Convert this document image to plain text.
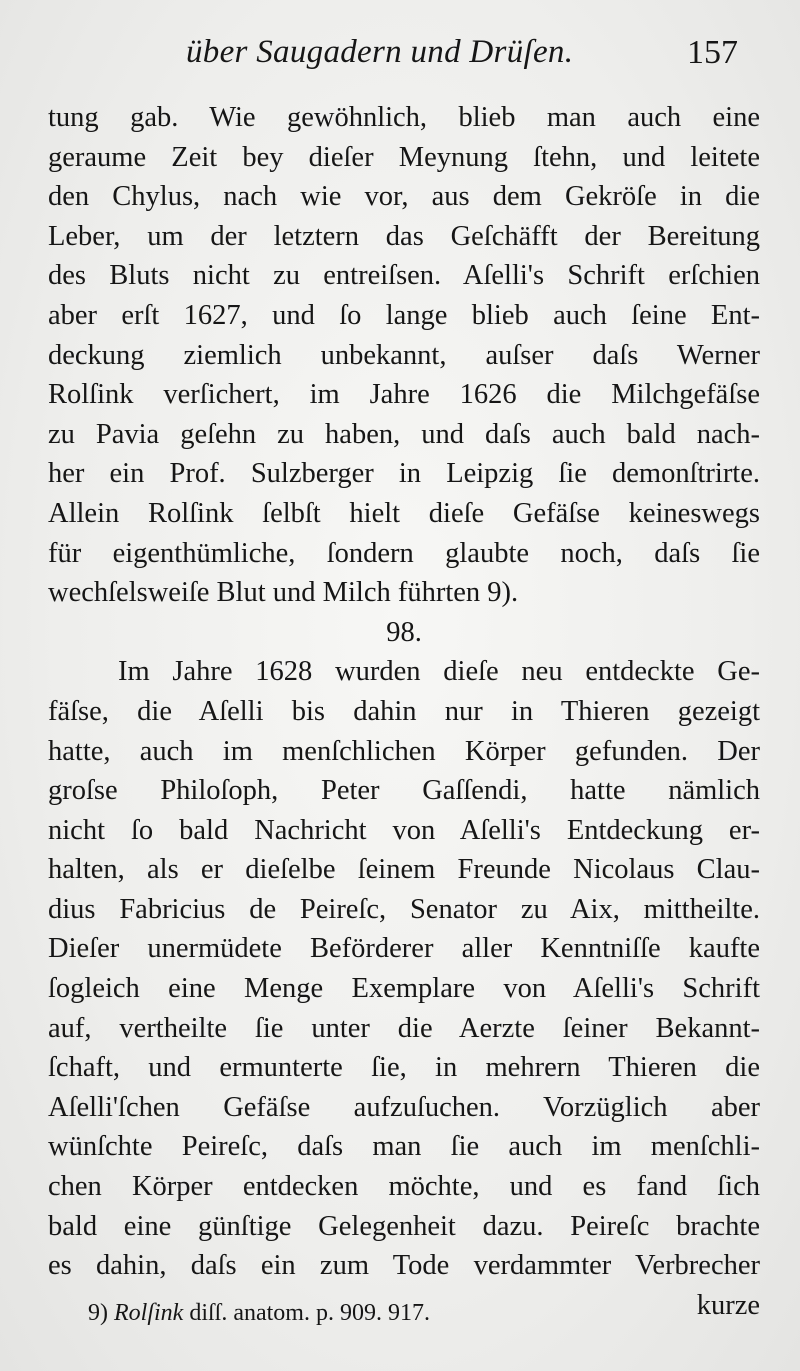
über Saugadern und Drüſen.	157
tung gab. Wie gewöhnlich, blieb man auch eine
geraume Zeit bey dieſer Meynung ſtehn, und leitete
den Chylus, nach wie vor, aus dem Gekröſe in die
Leber, um der letztern das Geſchäfft der Bereitung
des Bluts nicht zu entreiſsen. Aſelli's Schrift erſchien
aber erſt 1627, und ſo lange blieb auch ſeine Ent-
deckung ziemlich unbekannt, auſser daſs Werner
Rolſink verſichert, im Jahre 1626 die Milchgefäſse
zu Pavia geſehn zu haben, und daſs auch bald nach-
her ein Prof. Sulzberger in Leipzig ſie demonſtrirte.
Allein Rolſink ſelbſt hielt dieſe Gefäſse keineswegs
für eigenthümliche, ſondern glaubte noch, daſs ſie
wechſelsweiſe Blut und Milch führten 9).
98.
Im Jahre 1628 wurden dieſe neu entdeckte Ge-
fäſse, die Aſelli bis dahin nur in Thieren gezeigt
hatte, auch im menſchlichen Körper gefunden. Der
groſse Philoſoph, Peter Gaſſendi, hatte nämlich
nicht ſo bald Nachricht von Aſelli's Entdeckung er-
halten, als er dieſelbe ſeinem Freunde Nicolaus Clau-
dius Fabricius de Peireſc, Senator zu Aix, mittheilte.
Dieſer unermüdete Beförderer aller Kenntniſſe kaufte
ſogleich eine Menge Exemplare von Aſelli's Schrift
auf, vertheilte ſie unter die Aerzte ſeiner Bekannt-
ſchaft, und ermunterte ſie, in mehrern Thieren die
Aſelli'ſchen Gefäſse aufzuſuchen. Vorzüglich aber
wünſchte Peireſc, daſs man ſie auch im menſchli-
chen Körper entdecken möchte, und es fand ſich
bald eine günſtige Gelegenheit dazu. Peireſc brachte
es dahin, daſs ein zum Tode verdammter Verbrecher
kurze
9) Rolſink diſſ. anatom. p. 909. 917.
